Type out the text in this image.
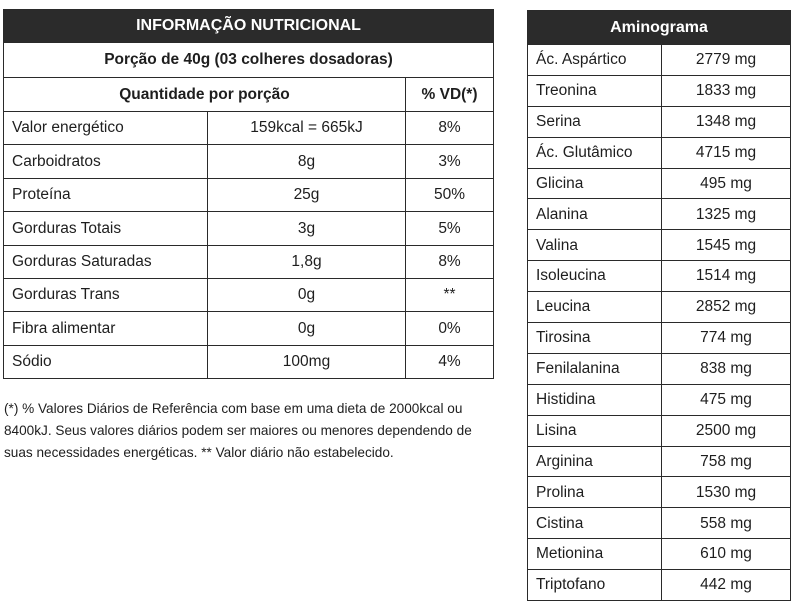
INFORMAÇÃO NUTRICIONAL		
Porção de 40g (03 colheres dosadoras)		
Quantidade por porção		% VD(*)
Valor energético	159kcal = 665kJ	8%
Carboidratos	8g	3%
Proteína	25g	50%
Gorduras Totais	3g	5%
Gorduras Saturadas	1,8g	8%
Gorduras Trans	0g	**
Fibra alimentar	0g	0%
Sódio	100mg	4%
(*) % Valores Diários de Referência com base em uma dieta de 2000kcal ou 8400kJ. Seus valores diários podem ser maiores ou menores dependendo de suas necessidades energéticas. ** Valor diário não estabelecido.
Aminograma	
Ác. Aspártico	2779 mg
Treonina	1833 mg
Serina	1348 mg
Ác. Glutâmico	4715 mg
Glicina	495 mg
Alanina	1325 mg
Valina	1545 mg
Isoleucina	1514 mg
Leucina	2852 mg
Tirosina	774 mg
Fenilalanina	838 mg
Histidina	475 mg
Lisina	2500 mg
Arginina	758 mg
Prolina	1530 mg
Cistina	558 mg
Metionina	610 mg
Triptofano	442 mg
